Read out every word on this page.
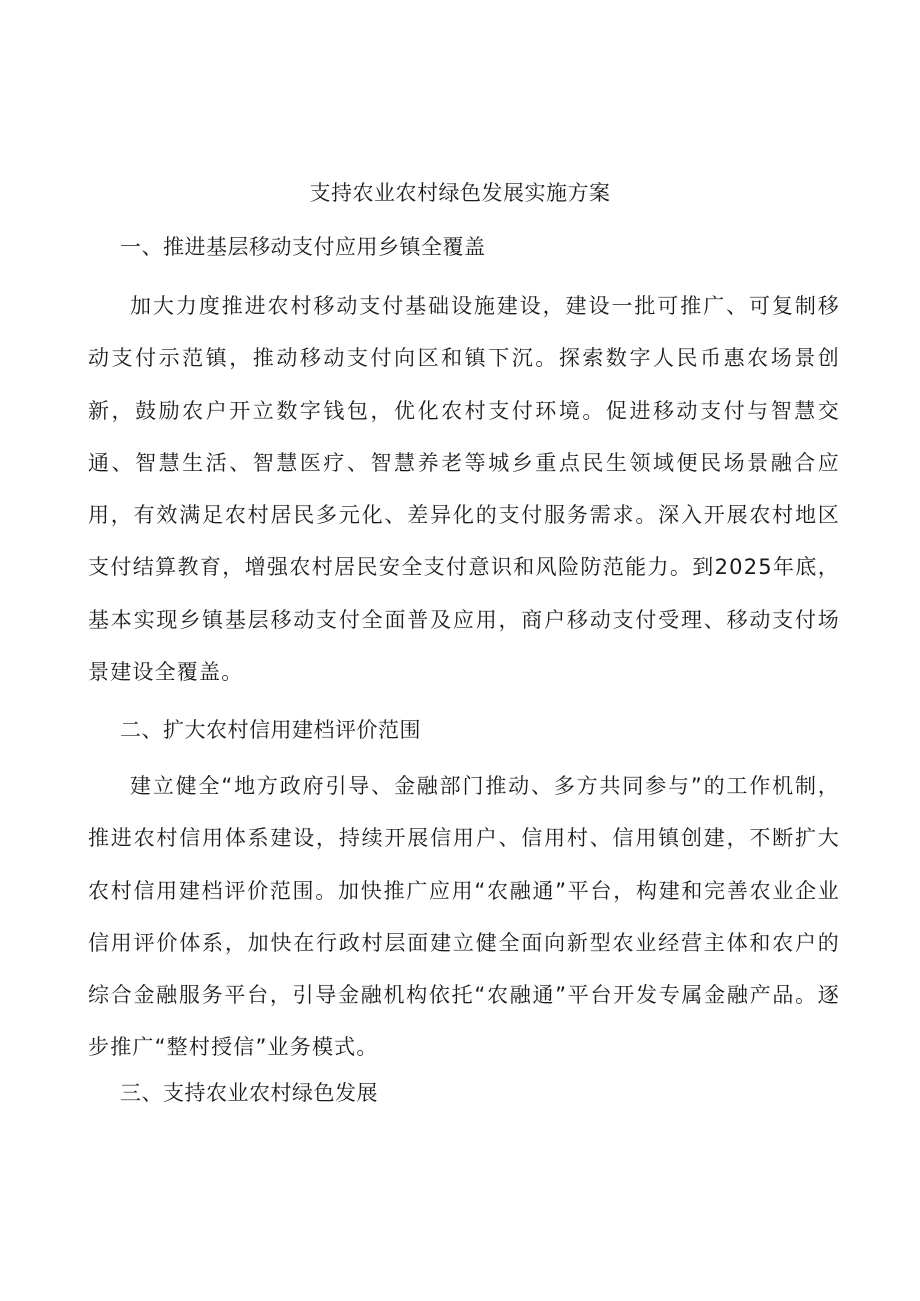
支持农业农村绿色发展实施方案
一、推进基层移动支付应用乡镇全覆盖

加大力度推进农村移动支付基础设施建设，建设一批可推广、可复制移动支付示范镇，推动移动支付向区和镇下沉。探索数字人民币惠农场景创新，鼓励农户开立数字钱包，优化农村支付环境。促进移动支付与智慧交通、智慧生活、智慧医疗、智慧养老等城乡重点民生领域便民场景融合应用，有效满足农村居民多元化、差异化的支付服务需求。深入开展农村地区支付结算教育，增强农村居民安全支付意识和风险防范能力。到2025年底，基本实现乡镇基层移动支付全面普及应用，商户移动支付受理、移动支付场景建设全覆盖。

二、扩大农村信用建档评价范围

建立健全“地方政府引导、金融部门推动、多方共同参与”的工作机制，推进农村信用体系建设，持续开展信用户、信用村、信用镇创建，不断扩大农村信用建档评价范围。加快推广应用“农融通”平台，构建和完善农业企业信用评价体系，加快在行政村层面建立健全面向新型农业经营主体和农户的综合金融服务平台，引导金融机构依托“农融通”平台开发专属金融产品。逐步推广“整村授信”业务模式。

三、支持农业农村绿色发展
